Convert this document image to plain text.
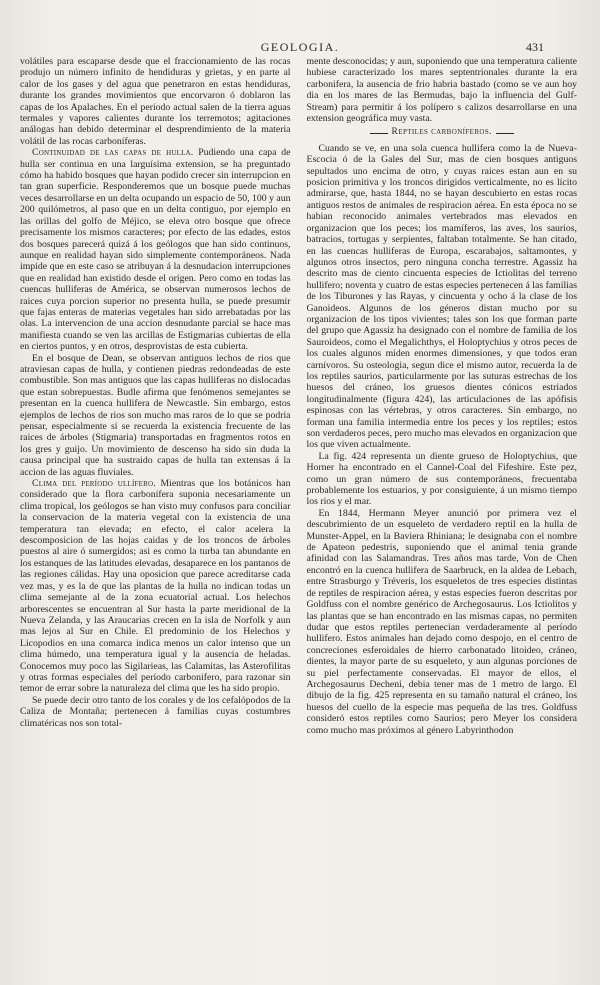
GEOLOGIA.	431

volátiles para escaparse desde que el fraccionamiento de las rocas produjo un número infinito de hendiduras y grietas, y en parte al calor de los gases y del agua que penetraron en estas hendiduras, durante los grandes movimientos que encorvaron ó doblaron las capas de los Apalaches. En el período actual salen de la tierra aguas termales y vapores calientes durante los terremotos; agitaciones análogas han debido determinar el desprendimiento de la materia volátil de las rocas carboníferas.

Continuidad de las capas de hulla. Pudiendo una capa de hulla ser continua en una larguísima extension, se ha preguntado cómo ha habido bosques que hayan podido crecer sin interrupcion en tan gran superficie. Responderemos que un bosque puede muchas veces desarrollarse en un delta ocupando un espacio de 50, 100 y aun 200 quilómetros, al paso que en un delta contiguo, por ejemplo en las orillas del golfo de Méjico, se eleva otro bosque que ofrece precisamente los mismos caracteres; por efecto de las edades, estos dos bosques parecerá quizá á los geólogos que han sido continuos, aunque en realidad hayan sido simplemente contemporáneos. Nada impide que en este caso se atribuyan á la desnudacion interrupciones que en realidad han existido desde el orígen. Pero como en todas las cuencas hulliferas de América, se observan numerosos lechos de raices cuya porcion superior no presenta hulla, se puede presumir que fajas enteras de materias vegetales han sido arrebatadas por las olas. La intervencion de una accion desnudante parcial se hace mas manifiesta cuando se ven las arcillas de Estigmarias cubiertas de ella en ciertos puntos, y en otros, desprovistas de esta cubierta.

En el bosque de Dean, se observan antiguos lechos de rios que atraviesan capas de hulla, y contienen piedras redondeadas de este combustible. Son mas antiguos que las capas hulliferas no dislocadas que estan sobrepuestas. Budle afirma que fenómenos semejantes se presentan en la cuenca hullifera de Newcastle. Sin embargo, estos ejemplos de lechos de rios son mucho mas raros de lo que se podria pensar, especialmente si se recuerda la existencia frecuente de las raices de árboles (Stigmaria) transportadas en fragmentos rotos en los gres y guijo. Un movimiento de descenso ha sido sin duda la causa principal que ha sustraido capas de hulla tan extensas á la accion de las aguas fluviales.

Clima del período ullífero. Mientras que los botánicos han considerado que la flora carbonífera suponia necesariamente un clima tropical, los geólogos se han visto muy confusos para conciliar la conservacion de la materia vegetal con la existencia de una temperatura tan elevada; en efecto, el calor acelera la descomposicion de las hojas caidas y de los troncos de árboles puestos al aire ó sumergidos; asi es como la turba tan abundante en los estanques de las latitudes elevadas, desaparece en los pantanos de las regiones cálidas. Hay una oposicion que parece acreditarse cada vez mas, y es la de que las plantas de la hulla no indican todas un clima semejante al de la zona ecuatorial actual. Los helechos arborescentes se encuentran al Sur hasta la parte meridional de la Nueva Zelanda, y las Araucarias crecen en la isla de Norfolk y aun mas lejos al Sur en Chile. El predominio de los Helechos y Licopodios en una comarca indica menos un calor intenso que un clima húmedo, una temperatura igual y la ausencia de heladas. Conocemos muy poco las Sigilarieas, las Calamitas, las Asterofilitas y otras formas especiales del período carbonifero, para razonar sin temor de errar sobre la naturaleza del clima que les ha sido propio.

Se puede decir otro tanto de los corales y de los cefalópodos de la Caliza de Montaña; pertenecen á familias cuyas costumbres climatéricas nos son total-

mente desconocidas; y aun, suponiendo que una temperatura caliente hubiese caracterizado los mares septentrionales durante la era carbonifera, la ausencia de frio habria bastado (como se ve aun hoy dia en los mares de las Bermudas, bajo la influencia del Gulf-Stream) para permitir á los polípero s calizos desarrollarse en una extension geográfica muy vasta.

Reptiles carboníferos.

Cuando se ve, en una sola cuenca hullifera como la de Nueva-Escocia ó de la Gales del Sur, mas de cien bosques antiguos sepultados uno encima de otro, y cuyas raices estan aun en su posicion primitiva y los troncos dirigidos verticalmente, no es lícito admirarse, que, hasta 1844, no se hayan descubierto en estas rocas antiguos restos de animales de respiracion aérea. En esta época no se habian reconocido animales vertebrados mas elevados en organizacion que los peces; los mamíferos, las aves, los saurios, batracios, tortugas y serpientes, faltaban totalmente. Se han citado, en las cuencas hulliferas de Europa, escarabajos, saltamontes, y algunos otros insectos, pero ninguna concha terrestre. Agassiz ha descrito mas de ciento cincuenta especies de Ictiolitas del terreno hullifero; noventa y cuatro de estas especies pertenecen á las familias de los Tiburones y las Rayas, y cincuenta y ocho á la clase de los Ganoideos. Algunos de los géneros distan mucho por su organizacion de los tipos vivientes; tales son los que forman parte del grupo que Agassiz ha designado con el nombre de familia de los Sauroideos, como el Megalichthys, el Holoptychius y otros peces de los cuales algunos miden enormes dimensiones, y que todos eran carnívoros. Su osteologia, segun dice el mismo autor, recuerda la de los reptiles saurios, particularmente por las suturas estrechas de los huesos del cráneo, los gruesos dientes cónicos estriados longitudinalmente (figura 424), las articulaciones de las apófisis espinosas con las vértebras, y otros caracteres. Sin embargo, no forman una familia intermedia entre los peces y los reptiles; estos son verdaderos peces, pero mucho mas elevados en organizacion que los que viven actualmente.

La fig. 424 representa un diente grueso de Holoptychius, que Horner ha encontrado en el Cannel-Coal del Fifeshire. Este pez, como un gran número de sus contemporáneos, frecuentaba probablemente los estuarios, y por consiguiente, á un mismo tiempo los rios y el mar.

En 1844, Hermann Meyer anunció por primera vez el descubrimiento de un esqueleto de verdadero reptil en la hulla de Munster-Appel, en la Baviera Rhiniana; le designaba con el nombre de Apateon pedestris, suponiendo que el animal tenia grande afinidad con las Salamandras. Tres años mas tarde, Von de Chen encontró en la cuenca hullifera de Saarbruck, en la aldea de Lebach, entre Strasburgo y Tréveris, los esqueletos de tres especies distintas de reptiles de respiracion aérea, y estas especies fueron descritas por Goldfuss con el nombre genérico de Archegosaurus. Los Ictiolitos y las plantas que se han encontrado en las mismas capas, no permiten dudar que estos reptiles pertenecian verdaderamente al período hullifero. Estos animales han dejado como despojo, en el centro de concreciones esferoidales de hierro carbonatado litoideo, cráneo, dientes, la mayor parte de su esqueleto, y aun algunas porciones de su piel perfectamente conservadas. El mayor de ellos, el Archegosaurus Decheni, debia tener mas de 1 metro de largo. El dibujo de la fig. 425 representa en su tamaño natural el cráneo, los huesos del cuello de la especie mas pequeña de las tres. Goldfuss consideró estos reptiles como Saurios; pero Meyer los considera como mucho mas próximos al género Labyrinthodon
